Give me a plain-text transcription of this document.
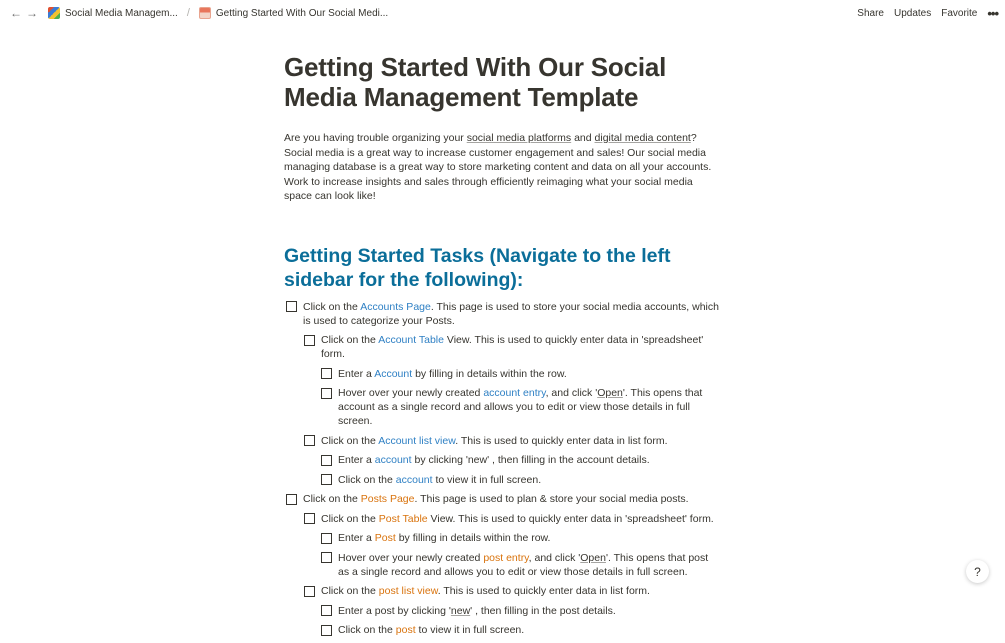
← →	Social Media Managem... /	Getting Started With Our Social Medi...	Share Updates Favorite •••
Getting Started With Our Social
Media Management Template

Are you having trouble organizing your social media platforms and digital media content? Social media is a great way to increase customer engagement and sales! Our social media managing database is a great way to store marketing content and data on all your accounts. Work to increase insights and sales through efficiently reimaging what your social media space can look like!

Getting Started Tasks (Navigate to the left sidebar for the following):
Click on the Accounts Page. This page is used to store your social media accounts, which is used to categorize your Posts.
Click on the Account Table View. This is used to quickly enter data in 'spreadsheet' form.
Enter a Account by filling in details within the row.
Hover over your newly created account entry, and click 'Open'. This opens that account as a single record and allows you to edit or view those details in full screen.
Click on the Account list view. This is used to quickly enter data in list form.
Enter a account by clicking 'new' , then filling in the account details.
Click on the account to view it in full screen.
Click on the Posts Page. This page is used to plan & store your social media posts.
Click on the Post Table View. This is used to quickly enter data in 'spreadsheet' form.
Enter a Post by filling in details within the row.
Hover over your newly created post entry, and click 'Open'. This opens that post as a single record and allows you to edit or view those details in full screen.
Click on the post list view. This is used to quickly enter data in list form.
Enter a post by clicking 'new' , then filling in the post details.
Click on the post to view it in full screen.
?
